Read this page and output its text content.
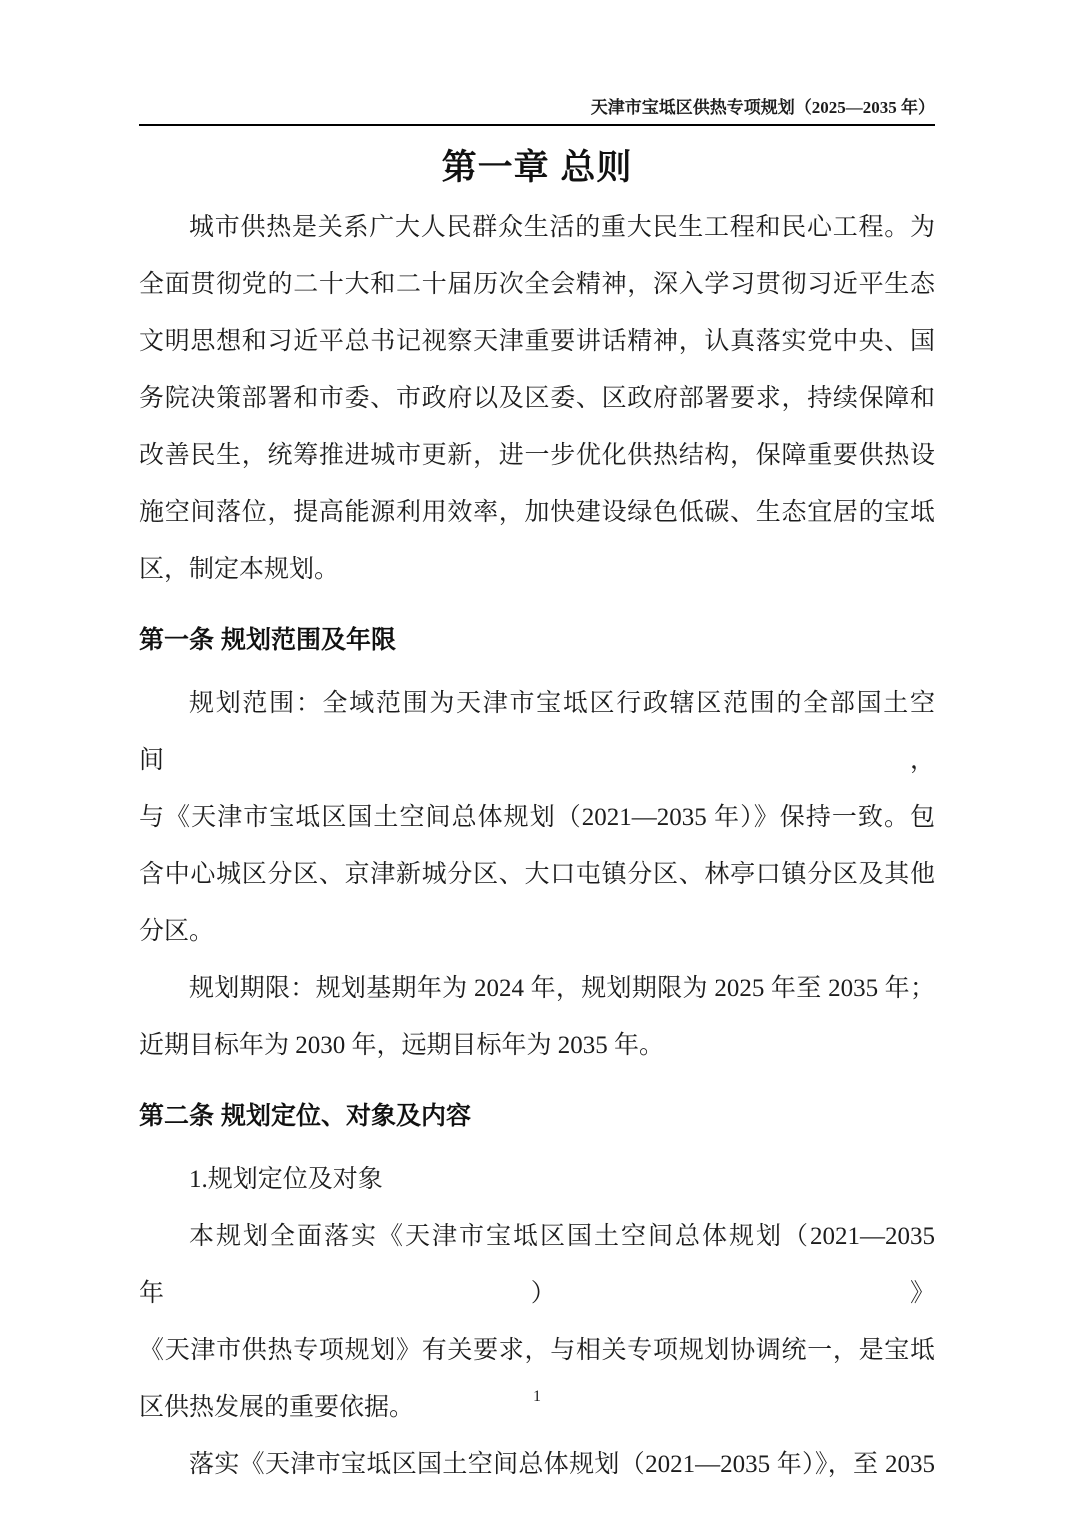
天津市宝坻区供热专项规划（2025—2035 年）
第一章 总则
城市供热是关系广大人民群众生活的重大民生工程和民心工程。为
全面贯彻党的二十大和二十届历次全会精神，深入学习贯彻习近平生态
文明思想和习近平总书记视察天津重要讲话精神，认真落实党中央、国
务院决策部署和市委、市政府以及区委、区政府部署要求，持续保障和
改善民生，统筹推进城市更新，进一步优化供热结构，保障重要供热设
施空间落位，提高能源利用效率，加快建设绿色低碳、生态宜居的宝坻
区，制定本规划。
第一条 规划范围及年限
规划范围：全域范围为天津市宝坻区行政辖区范围的全部国土空间，
与《天津市宝坻区国土空间总体规划（2021—2035 年）》保持一致。包
含中心城区分区、京津新城分区、大口屯镇分区、林亭口镇分区及其他
分区。
规划期限：规划基期年为 2024 年，规划期限为 2025 年至 2035 年；
近期目标年为 2030 年，远期目标年为 2035 年。
第二条 规划定位、对象及内容
1.规划定位及对象
本规划全面落实《天津市宝坻区国土空间总体规划（2021—2035 年）》
《天津市供热专项规划》有关要求，与相关专项规划协调统一，是宝坻
区供热发展的重要依据。
落实《天津市宝坻区国土空间总体规划（2021—2035 年）》，至 2035
1
